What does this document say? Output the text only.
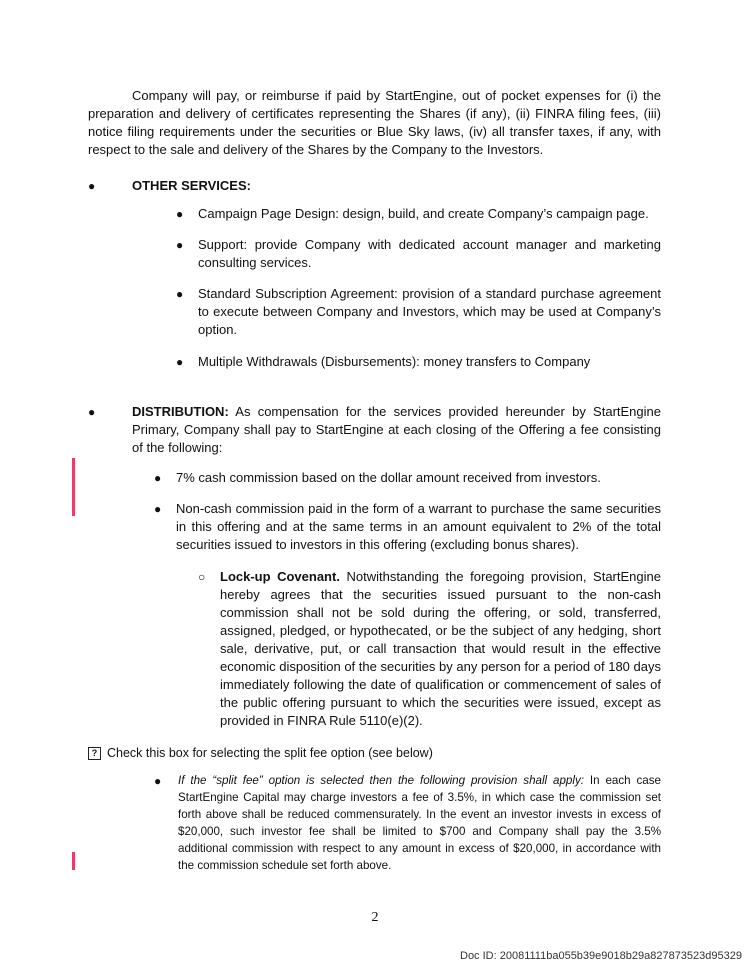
Company will pay, or reimburse if paid by StartEngine, out of pocket expenses for (i) the preparation and delivery of certificates representing the Shares (if any), (ii) FINRA filing fees, (iii) notice filing requirements under the securities or Blue Sky laws, (iv) all transfer taxes, if any, with respect to the sale and delivery of the Shares by the Company to the Investors.
●	OTHER SERVICES:
● Campaign Page Design: design, build, and create Company’s campaign page.
● Support: provide Company with dedicated account manager and marketing consulting services.
● Standard Subscription Agreement: provision of a standard purchase agreement to execute between Company and Investors, which may be used at Company’s option.
● Multiple Withdrawals (Disbursements): money transfers to Company
●	DISTRIBUTION: As compensation for the services provided hereunder by StartEngine Primary, Company shall pay to StartEngine at each closing of the Offering a fee consisting of the following:
● 7% cash commission based on the dollar amount received from investors.
● Non-cash commission paid in the form of a warrant to purchase the same securities in this offering and at the same terms in an amount equivalent to 2% of the total securities issued to investors in this offering (excluding bonus shares).
○ Lock-up Covenant. Notwithstanding the foregoing provision, StartEngine hereby agrees that the securities issued pursuant to the non-cash commission shall not be sold during the offering, or sold, transferred, assigned, pledged, or hypothecated, or be the subject of any hedging, short sale, derivative, put, or call transaction that would result in the effective economic disposition of the securities by any person for a period of 180 days immediately following the date of qualification or commencement of sales of the public offering pursuant to which the securities were issued, except as provided in FINRA Rule 5110(e)(2).
? Check this box for selecting the split fee option (see below)
● If the “split fee” option is selected then the following provision shall apply: In each case StartEngine Capital may charge investors a fee of 3.5%, in which case the commission set forth above shall be reduced commensurately. In the event an investor invests in excess of $20,000, such investor fee shall be limited to $700 and Company shall pay the 3.5% additional commission with respect to any amount in excess of $20,000, in accordance with the commission schedule set forth above.
2
Doc ID: 20081111ba055b39e9018b29a827873523d95329
